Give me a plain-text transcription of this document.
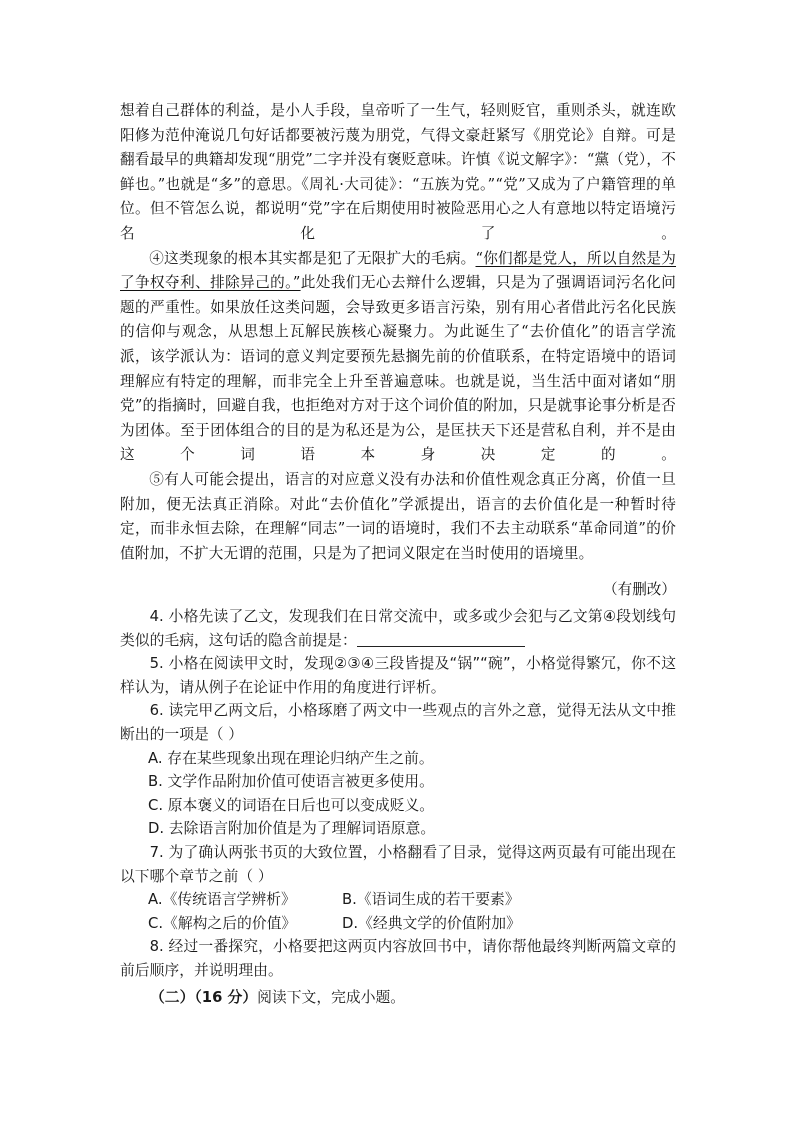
想着自己群体的利益，是小人手段，皇帝听了一生气，轻则贬官，重则杀头，就连欧阳修为范仲淹说几句好话都要被污蔑为朋党，气得文豪赶紧写《朋党论》自辩。可是翻看最早的典籍却发现“朋党”二字并没有褒贬意味。许慎《说文解字》：“黨（党），不鲜也。”也就是“多”的意思。《周礼·大司徒》：“五族为党。”“党”又成为了户籍管理的单位。但不管怎么说，都说明“党”字在后期使用时被险恶用心之人有意地以特定语境污名化了。

④这类现象的根本其实都是犯了无限扩大的毛病。“你们都是党人，所以自然是为了争权夺利、排除异己的。”此处我们无心去辩什么逻辑，只是为了强调语词污名化问题的严重性。如果放任这类问题，会导致更多语言污染，别有用心者借此污名化民族的信仰与观念，从思想上瓦解民族核心凝聚力。为此诞生了“去价值化”的语言学流派，该学派认为：语词的意义判定要预先悬搁先前的价值联系，在特定语境中的语词理解应有特定的理解，而非完全上升至普遍意味。也就是说，当生活中面对诸如“朋党”的指摘时，回避自我，也拒绝对方对于这个词价值的附加，只是就事论事分析是否为团体。至于团体组合的目的是为私还是为公，是匡扶天下还是营私自利，并不是由这个词语本身决定的。

⑤有人可能会提出，语言的对应意义没有办法和价值性观念真正分离，价值一旦附加，便无法真正消除。对此“去价值化”学派提出，语言的去价值化是一种暂时待定，而非永恒去除，在理解“同志”一词的语境时，我们不去主动联系“革命同道”的价值附加，不扩大无谓的范围，只是为了把词义限定在当时使用的语境里。

（有删改）

4. 小格先读了乙文，发现我们在日常交流中，或多或少会犯与乙文第④段划线句类似的毛病，这句话的隐含前提是：

5. 小格在阅读甲文时，发现②③④三段皆提及“锅”“碗”，小格觉得繁冗，你不这样认为，请从例子在论证中作用的角度进行评析。

6. 读完甲乙两文后，小格琢磨了两文中一些观点的言外之意，觉得无法从文中推断出的一项是（ ）

A. 存在某些现象出现在理论归纳产生之前。

B. 文学作品附加价值可使语言被更多使用。

C. 原本褒义的词语在日后也可以变成贬义。

D. 去除语言附加价值是为了理解词语原意。

7. 为了确认两张书页的大致位置，小格翻看了目录，觉得这两页最有可能出现在以下哪个章节之前（ ）

A.《传统语言学辨析》	B.《语词生成的若干要素》
C.《解构之后的价值》	D.《经典文学的价值附加》

8. 经过一番探究，小格要把这两页内容放回书中，请你帮他最终判断两篇文章的前后顺序，并说明理由。

（二）（16 分）阅读下文，完成小题。
